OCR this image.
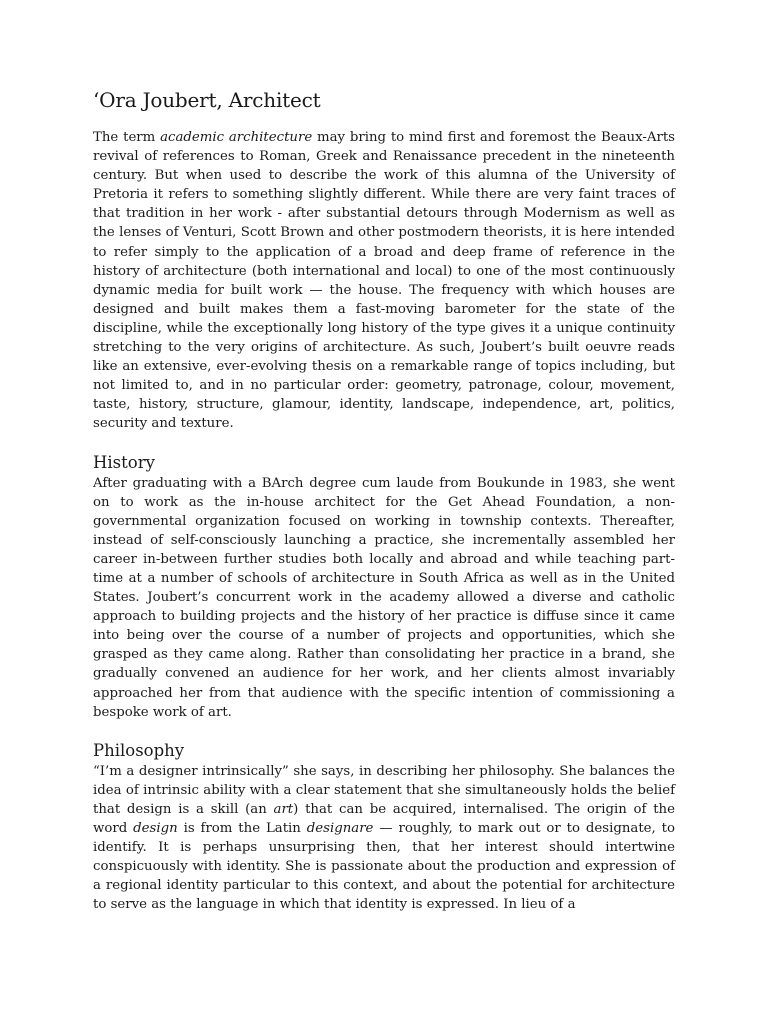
‘Ora Joubert, Architect

The term academic architecture may bring to mind first and foremost the Beaux-Arts revival of references to Roman, Greek and Renaissance precedent in the nineteenth century. But when used to describe the work of this alumna of the University of Pretoria it refers to something slightly different. While there are very faint traces of that tradition in her work - after substantial detours through Modernism as well as the lenses of Venturi, Scott Brown and other postmodern theorists, it is here intended to refer simply to the application of a broad and deep frame of reference in the history of architecture (both international and local) to one of the most continuously dynamic media for built work — the house. The frequency with which houses are designed and built makes them a fast-moving barometer for the state of the discipline, while the exceptionally long history of the type gives it a unique continuity stretching to the very origins of architecture. As such, Joubert’s built oeuvre reads like an extensive, ever-evolving thesis on a remarkable range of topics including, but not limited to, and in no particular order: geometry, patronage, colour, movement, taste, history, structure, glamour, identity, landscape, independence, art, politics, security and texture.

History

After graduating with a BArch degree cum laude from Boukunde in 1983, she went on to work as the in-house architect for the Get Ahead Foundation, a non-governmental organization focused on working in township contexts. Thereafter, instead of self-consciously launching a practice, she incrementally assembled her career in-between further studies both locally and abroad and while teaching part-time at a number of schools of architecture in South Africa as well as in the United States. Joubert’s concurrent work in the academy allowed a diverse and catholic approach to building projects and the history of her practice is diffuse since it came into being over the course of a number of projects and opportunities, which she grasped as they came along. Rather than consolidating her practice in a brand, she gradually convened an audience for her work, and her clients almost invariably approached her from that audience with the specific intention of commissioning a bespoke work of art.

Philosophy

“I’m a designer intrinsically” she says, in describing her philosophy. She balances the idea of intrinsic ability with a clear statement that she simultaneously holds the belief that design is a skill (an art) that can be acquired, internalised. The origin of the word design is from the Latin designare — roughly, to mark out or to designate, to identify. It is perhaps unsurprising then, that her interest should intertwine conspicuously with identity. She is passionate about the production and expression of a regional identity particular to this context, and about the potential for architecture to serve as the language in which that identity is expressed. In lieu of a
